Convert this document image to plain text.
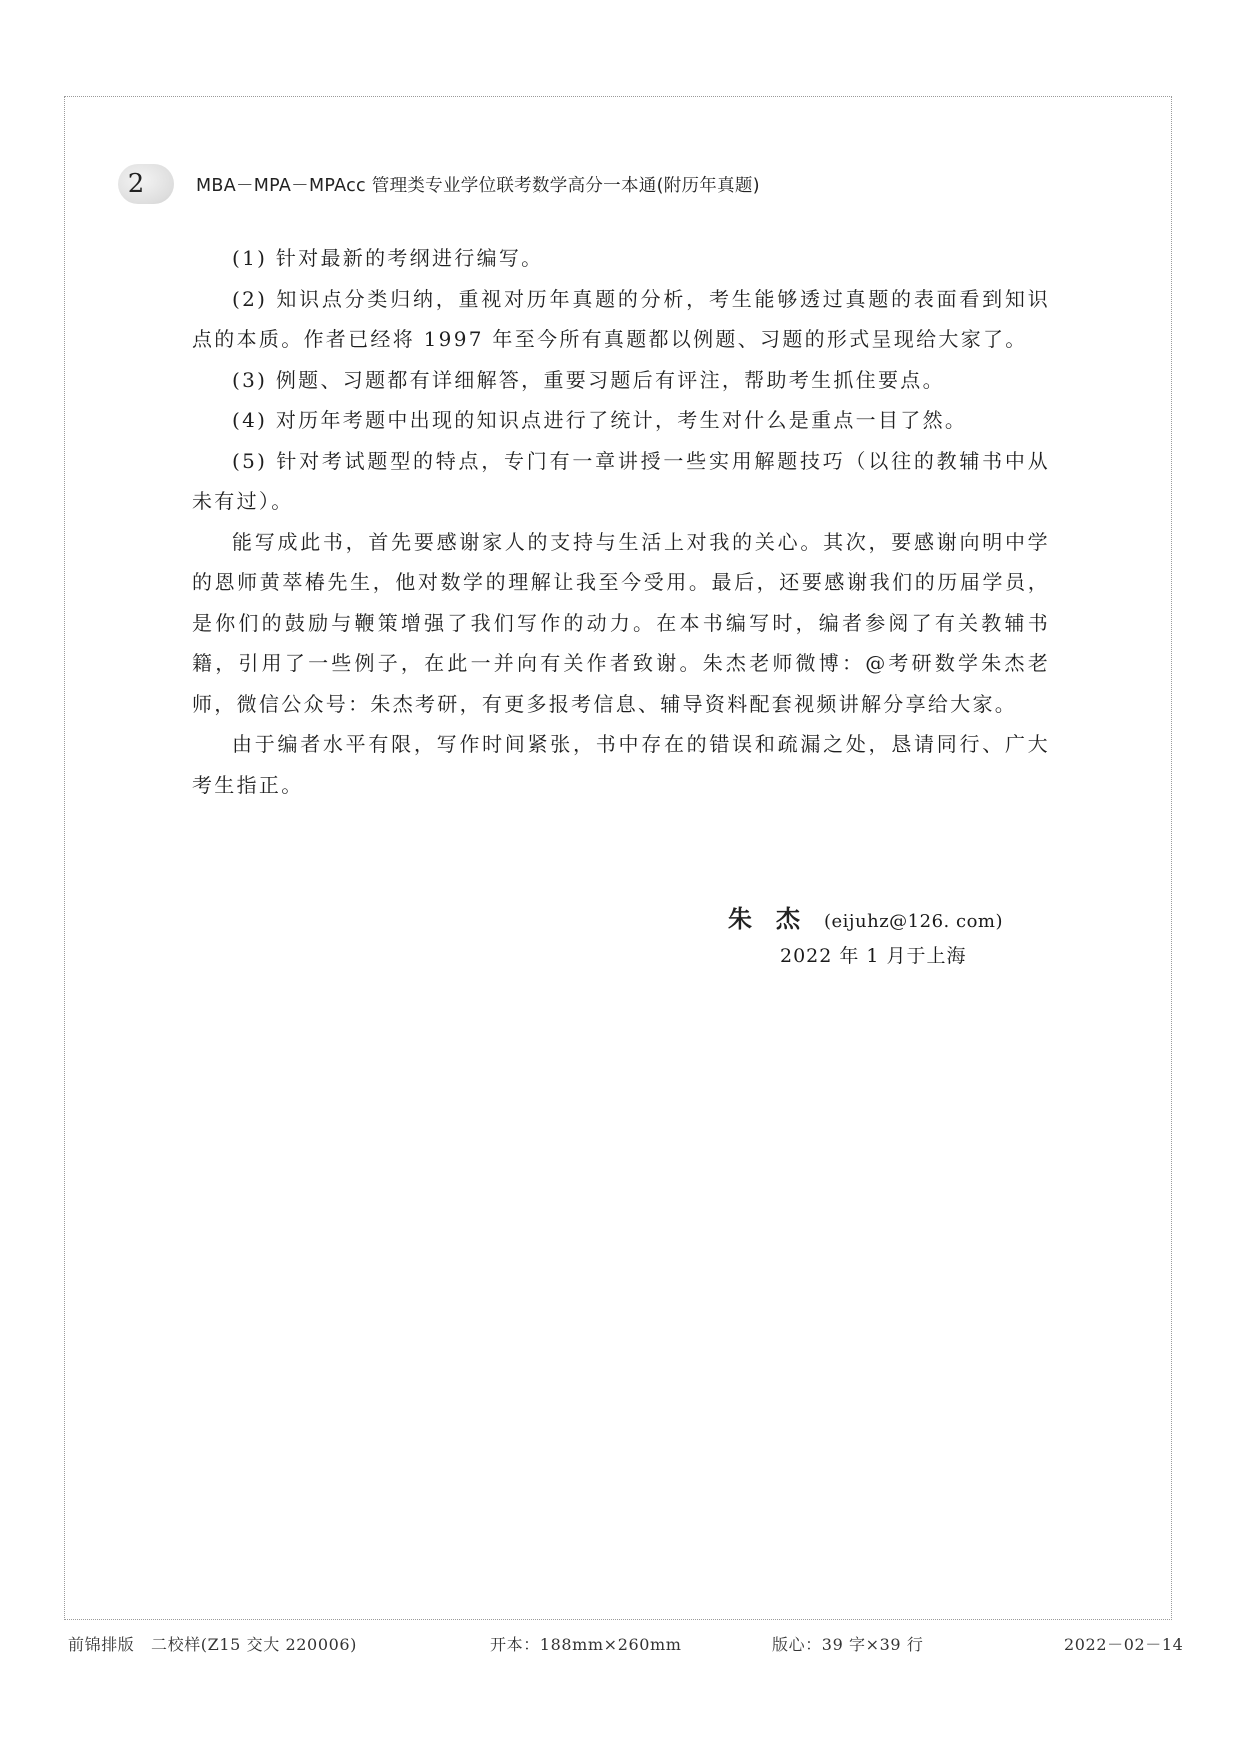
2	MBA－MPA－MPAcc 管理类专业学位联考数学高分一本通(附历年真题)

(1) 针对最新的考纲进行编写。

(2) 知识点分类归纳，重视对历年真题的分析，考生能够透过真题的表面看到知识点的本质。作者已经将 1997 年至今所有真题都以例题、习题的形式呈现给大家了。

(3) 例题、习题都有详细解答，重要习题后有评注，帮助考生抓住要点。

(4) 对历年考题中出现的知识点进行了统计，考生对什么是重点一目了然。

(5) 针对考试题型的特点，专门有一章讲授一些实用解题技巧（以往的教辅书中从未有过）。

能写成此书，首先要感谢家人的支持与生活上对我的关心。其次，要感谢向明中学的恩师黄萃椿先生，他对数学的理解让我至今受用。最后，还要感谢我们的历届学员，是你们的鼓励与鞭策增强了我们写作的动力。在本书编写时，编者参阅了有关教辅书籍，引用了一些例子，在此一并向有关作者致谢。朱杰老师微博：@考研数学朱杰老师，微信公众号：朱杰考研，有更多报考信息、辅导资料配套视频讲解分享给大家。

由于编者水平有限，写作时间紧张，书中存在的错误和疏漏之处，恳请同行、广大考生指正。

朱杰(eijuhz@126. com)
2022 年 1 月于上海
前锦排版　二校样(Z15 交大 220006)	开本：188mm×260mm	版心：39 字×39 行	2022－02－14
